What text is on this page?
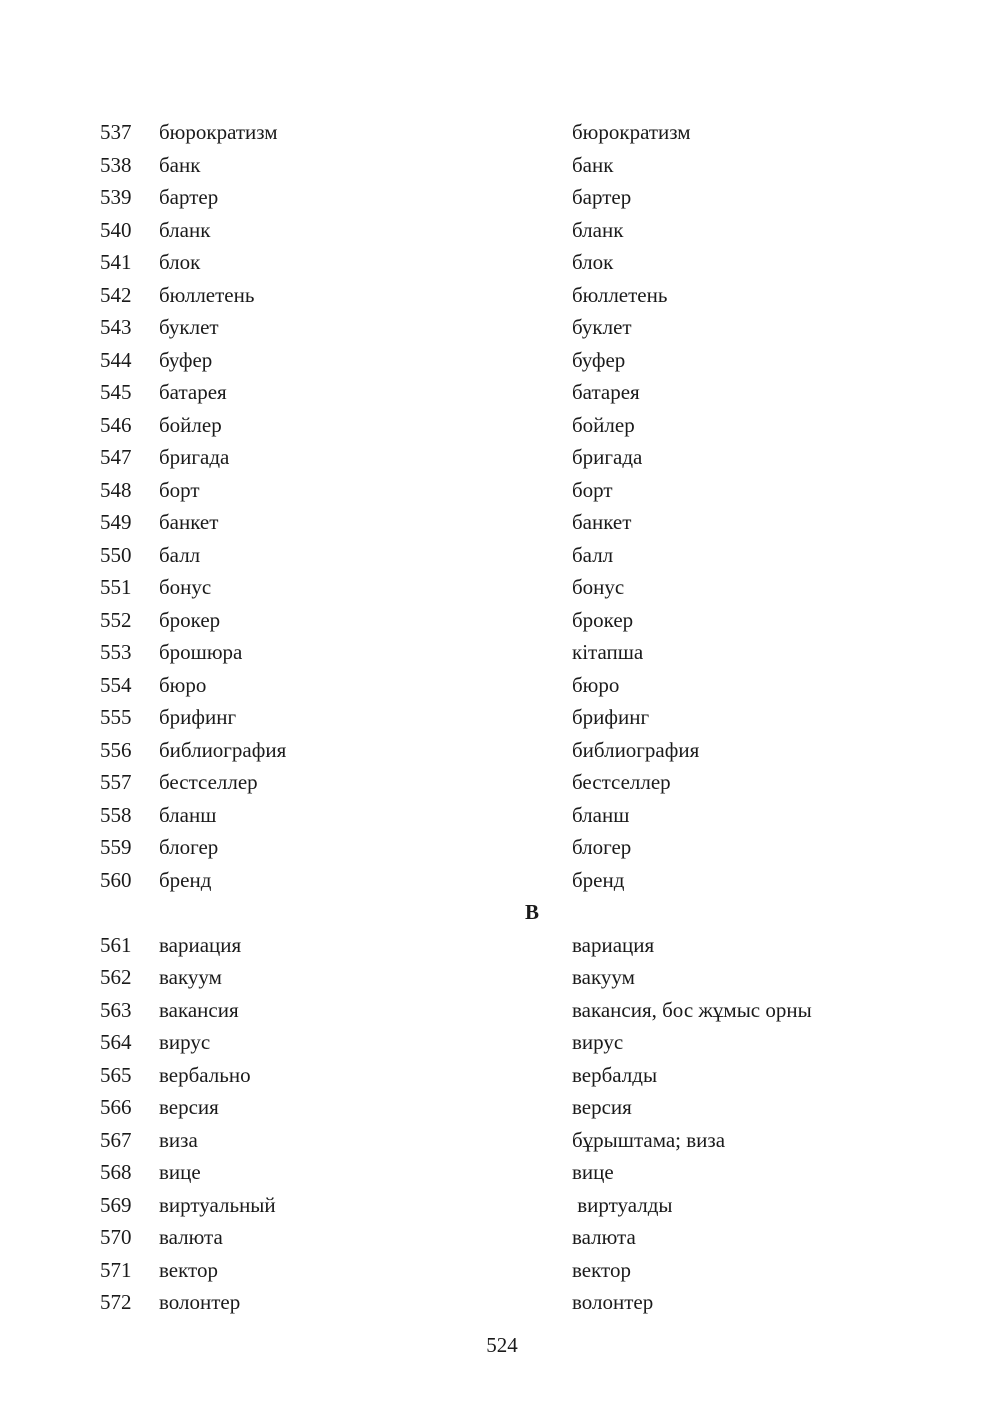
537 бюрократизм	бюрократизм
538 банк	банк
539 бартер	бартер
540 бланк	бланк
541 блок	блок
542 бюллетень	бюллетень
543 буклет	буклет
544 буфер	буфер
545 батарея	батарея
546 бойлер	бойлер
547 бригада	бригада
548 борт	борт
549 банкет	банкет
550 балл	балл
551 бонус	бонус
552 брокер	брокер
553 брошюра	кітапша
554 бюро	бюро
555 брифинг	брифинг
556 библиография	библиография
557 бестселлер	бестселлер
558 бланш	бланш
559 блогер	блогер
560 бренд	бренд
В
561 вариация	вариация
562 вакуум	вакуум
563 вакансия	вакансия, бос жұмыс орны
564 вирус	вирус
565 вербально	вербалды
566 версия	версия
567 виза	бұрыштама; виза
568 вице	вице
569 виртуальный	виртуалды
570 валюта	валюта
571 вектор	вектор
572 волонтер	волонтер
524
